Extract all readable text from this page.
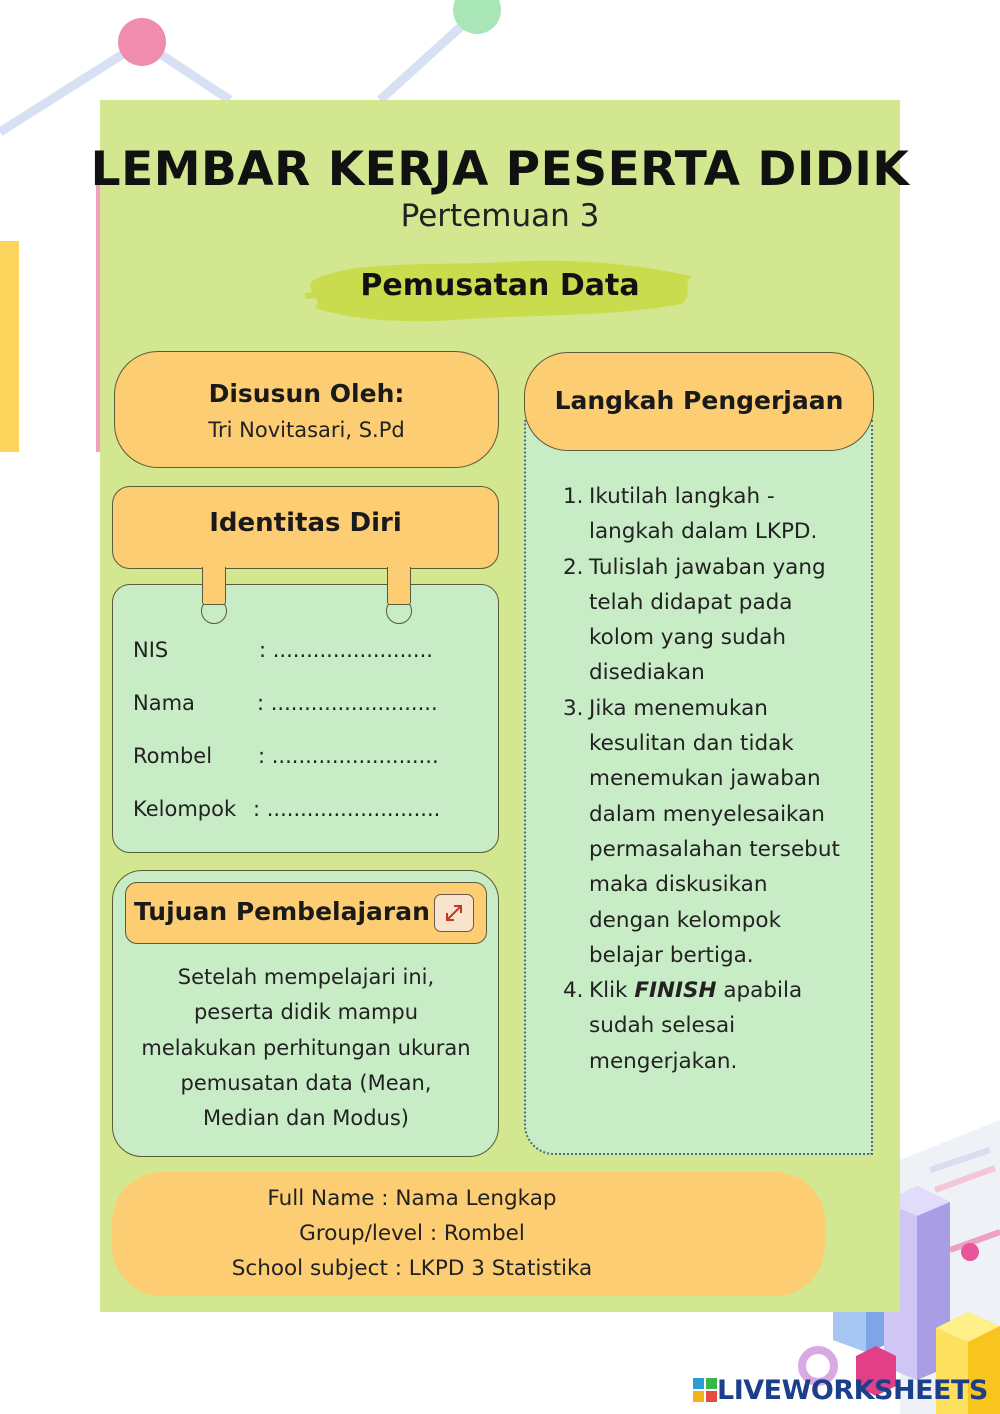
LEMBAR KERJA PESERTA DIDIK
Pertemuan 3
Pemusatan Data
Disusun Oleh:
Tri Novitasari, S.Pd
Identitas Diri
NIS	: ........................
Nama	: .........................
Rombel : .........................
Kelompok : ..........................
Tujuan Pembelajaran
Setelah mempelajari ini,
peserta didik mampu
melakukan perhitungan ukuran
pemusatan data (Mean,
Median dan Modus)
Langkah Pengerjaan
1. Ikutilah langkah -
langkah dalam LKPD.
2. Tulislah jawaban yang
telah didapat pada
kolom yang sudah
disediakan
3. Jika menemukan
kesulitan dan tidak
menemukan jawaban
dalam menyelesaikan
permasalahan tersebut
maka diskusikan
dengan kelompok
belajar bertiga.
4. Klik FINISH apabila
sudah selesai
mengerjakan.
Full Name : Nama Lengkap
Group/level : Rombel
School subject : LKPD 3 Statistika
LIVEWORKSHEETS
